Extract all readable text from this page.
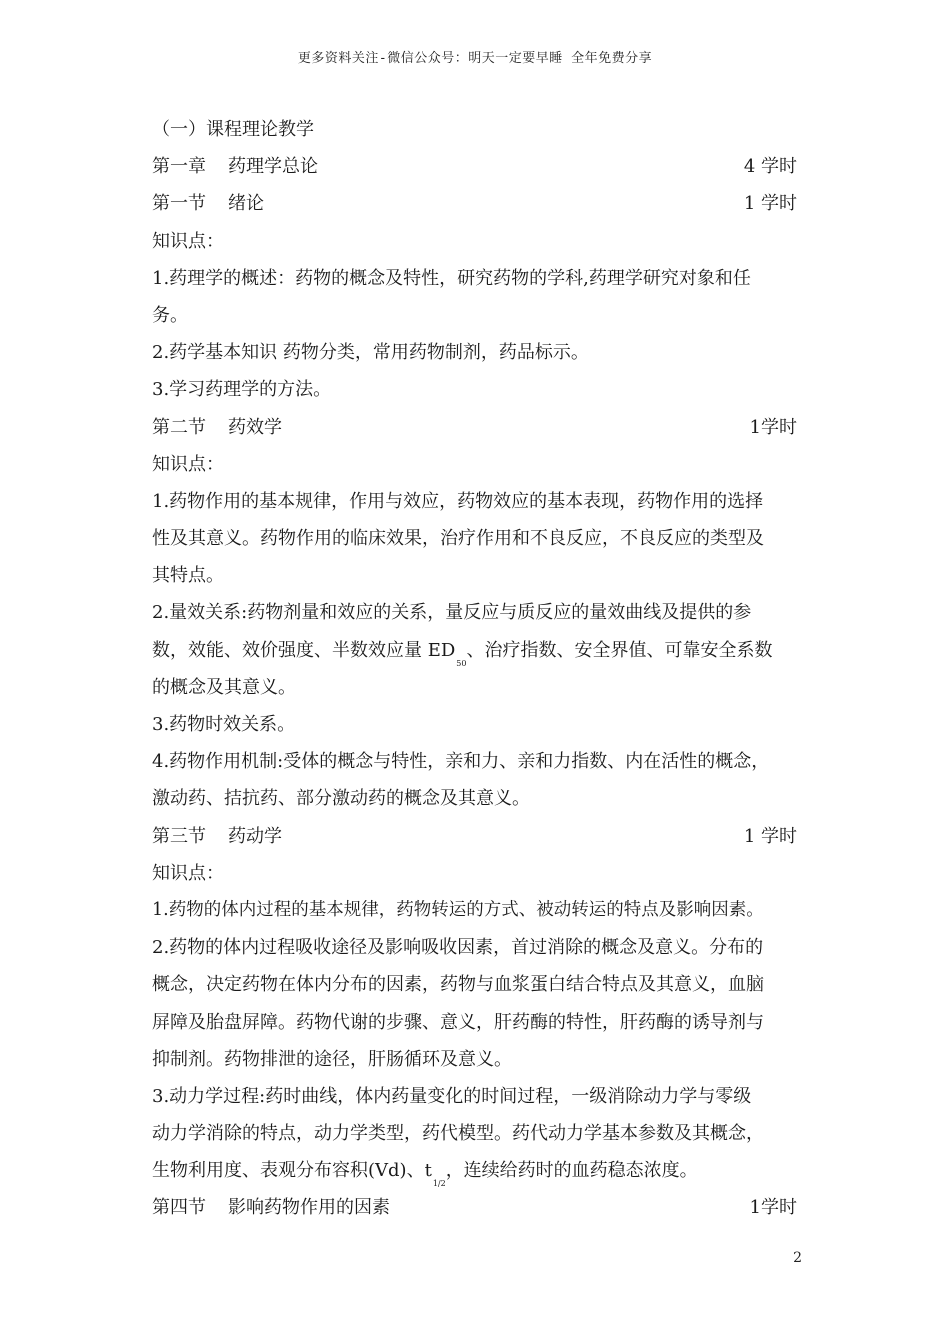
更多资料关注-微信公众号：明天一定要早睡 全年免费分享
（一）课程理论教学
第一章 药理学总论	4 学时
第一节 绪论	1 学时
知识点：
1.药理学的概述：药物的概念及特性，研究药物的学科,药理学研究对象和任
务。
2.药学基本知识 药物分类，常用药物制剂，药品标示。
3.学习药理学的方法。
第二节 药效学	1学时
知识点：
1.药物作用的基本规律，作用与效应，药物效应的基本表现，药物作用的选择
性及其意义。药物作用的临床效果，治疗作用和不良反应，不良反应的类型及
其特点。
2.量效关系:药物剂量和效应的关系，量反应与质反应的量效曲线及提供的参
数，效能、效价强度、半数效应量 $ED_{50}$、治疗指数、安全界值、可靠安全系数
的概念及其意义。
3.药物时效关系。
4.药物作用机制:受体的概念与特性，亲和力、亲和力指数、内在活性的概念，
激动药、拮抗药、部分激动药的概念及其意义。
第三节 药动学	1 学时
知识点：
1.药物的体内过程的基本规律，药物转运的方式、被动转运的特点及影响因素。
2.药物的体内过程吸收途径及影响吸收因素，首过消除的概念及意义。分布的
概念，决定药物在体内分布的因素，药物与血浆蛋白结合特点及其意义，血脑
屏障及胎盘屏障。药物代谢的步骤、意义，肝药酶的特性，肝药酶的诱导剂与
抑制剂。药物排泄的途径，肝肠循环及意义。
3.动力学过程:药时曲线，体内药量变化的时间过程，一级消除动力学与零级
动力学消除的特点，动力学类型，药代模型。药代动力学基本参数及其概念，
生物利用度、表观分布容积(Vd)、$t_{1/2}$，连续给药时的血药稳态浓度。
第四节 影响药物作用的因素	1学时
2
